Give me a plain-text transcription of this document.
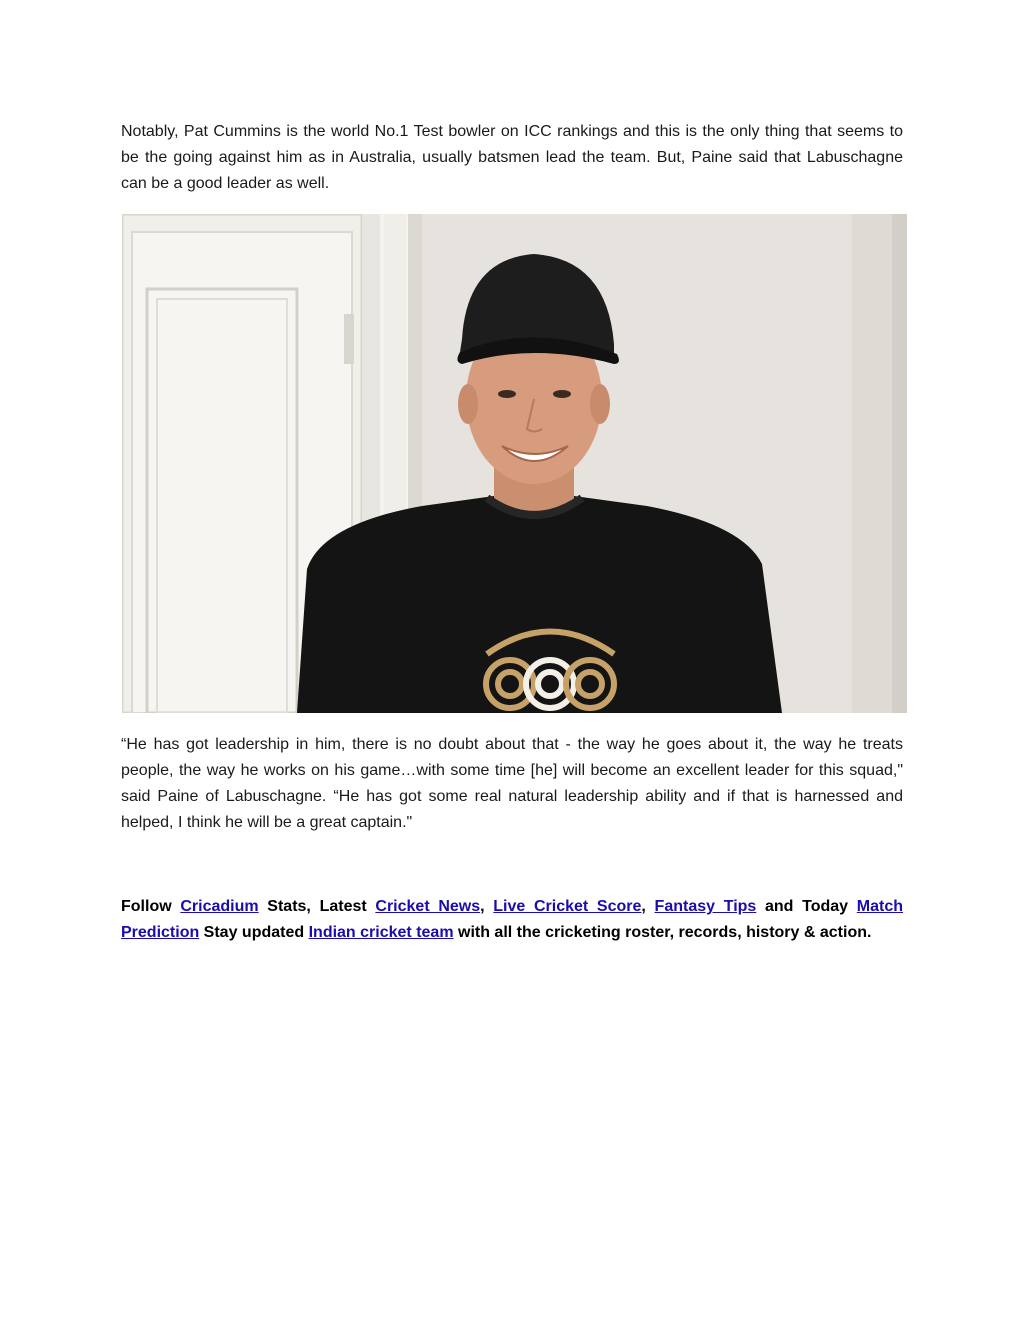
Notably, Pat Cummins is the world No.1 Test bowler on ICC rankings and this is the only thing that seems to be the going against him as in Australia, usually batsmen lead the team. But, Paine said that Labuschagne can be a good leader as well.

“He has got leadership in him, there is no doubt about that - the way he goes about it, the way he treats people, the way he works on his game…with some time [he] will become an excellent leader for this squad," said Paine of Labuschagne. “He has got some real natural leadership ability and if that is harnessed and helped, I think he will be a great captain."

Follow Cricadium Stats, Latest Cricket News, Live Cricket Score, Fantasy Tips and Today Match Prediction Stay updated Indian cricket team with all the cricketing roster, records, history & action.
